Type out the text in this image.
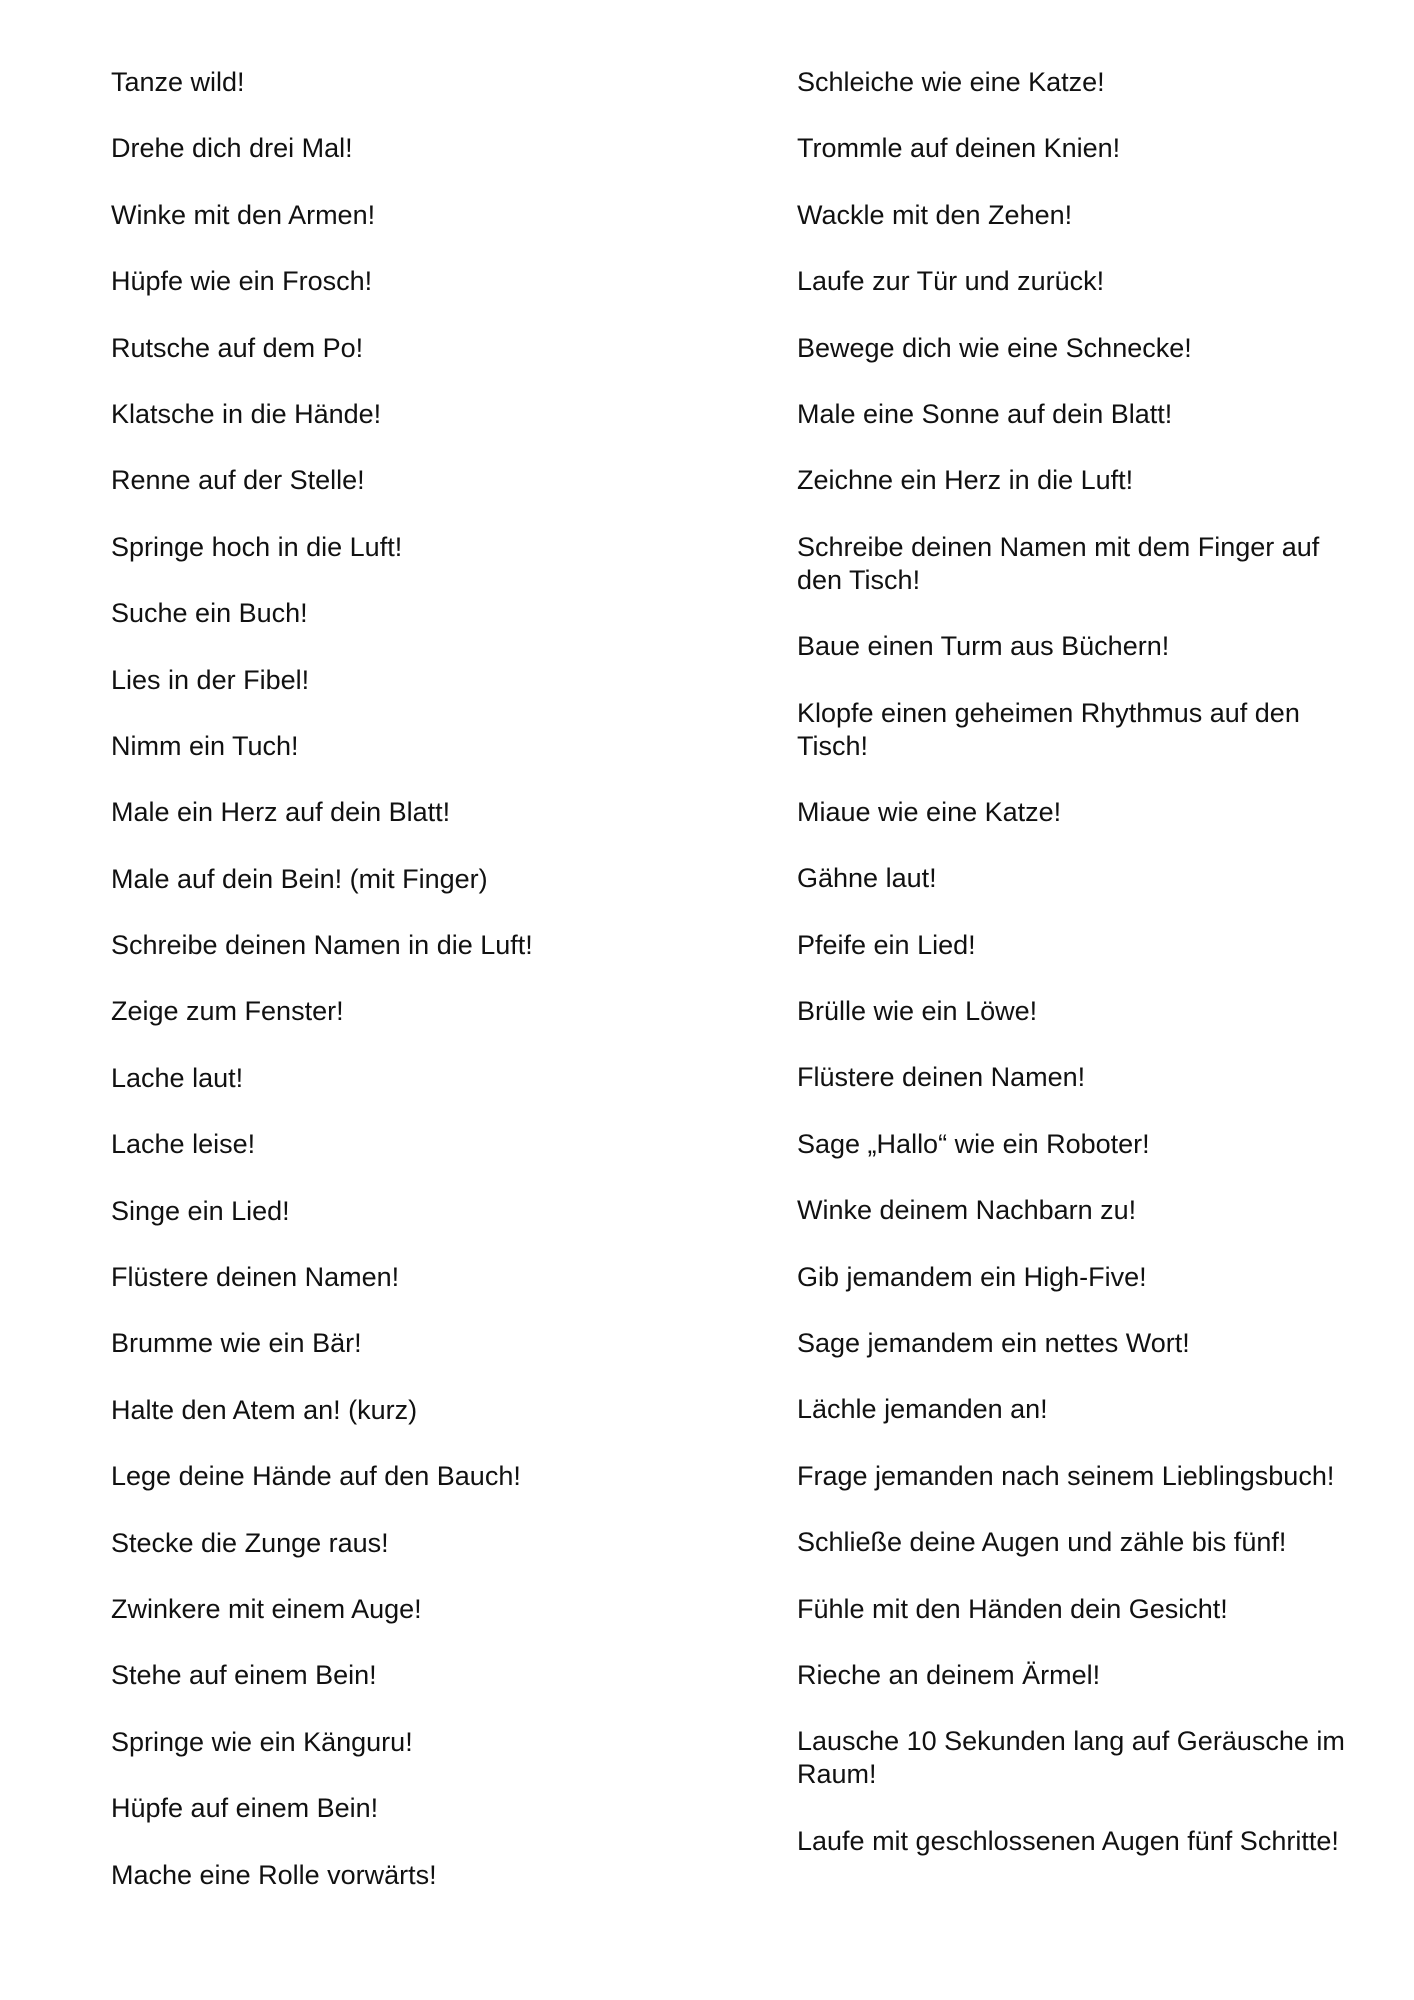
Tanze wild!
Drehe dich drei Mal!
Winke mit den Armen!
Hüpfe wie ein Frosch!
Rutsche auf dem Po!
Klatsche in die Hände!
Renne auf der Stelle!
Springe hoch in die Luft!
Suche ein Buch!
Lies in der Fibel!
Nimm ein Tuch!
Male ein Herz auf dein Blatt!
Male auf dein Bein! (mit Finger)
Schreibe deinen Namen in die Luft!
Zeige zum Fenster!
Lache laut!
Lache leise!
Singe ein Lied!
Flüstere deinen Namen!
Brumme wie ein Bär!
Halte den Atem an! (kurz)
Lege deine Hände auf den Bauch!
Stecke die Zunge raus!
Zwinkere mit einem Auge!
Stehe auf einem Bein!
Springe wie ein Känguru!
Hüpfe auf einem Bein!
Mache eine Rolle vorwärts!
Schleiche wie eine Katze!
Trommle auf deinen Knien!
Wackle mit den Zehen!
Laufe zur Tür und zurück!
Bewege dich wie eine Schnecke!
Male eine Sonne auf dein Blatt!
Zeichne ein Herz in die Luft!
Schreibe deinen Namen mit dem Finger auf den Tisch!
Baue einen Turm aus Büchern!
Klopfe einen geheimen Rhythmus auf den Tisch!
Miaue wie eine Katze!
Gähne laut!
Pfeife ein Lied!
Brülle wie ein Löwe!
Flüstere deinen Namen!
Sage „Hallo“ wie ein Roboter!
Winke deinem Nachbarn zu!
Gib jemandem ein High-Five!
Sage jemandem ein nettes Wort!
Lächle jemanden an!
Frage jemanden nach seinem Lieblingsbuch!
Schließe deine Augen und zähle bis fünf!
Fühle mit den Händen dein Gesicht!
Rieche an deinem Ärmel!
Lausche 10 Sekunden lang auf Geräusche im Raum!
Laufe mit geschlossenen Augen fünf Schritte!
